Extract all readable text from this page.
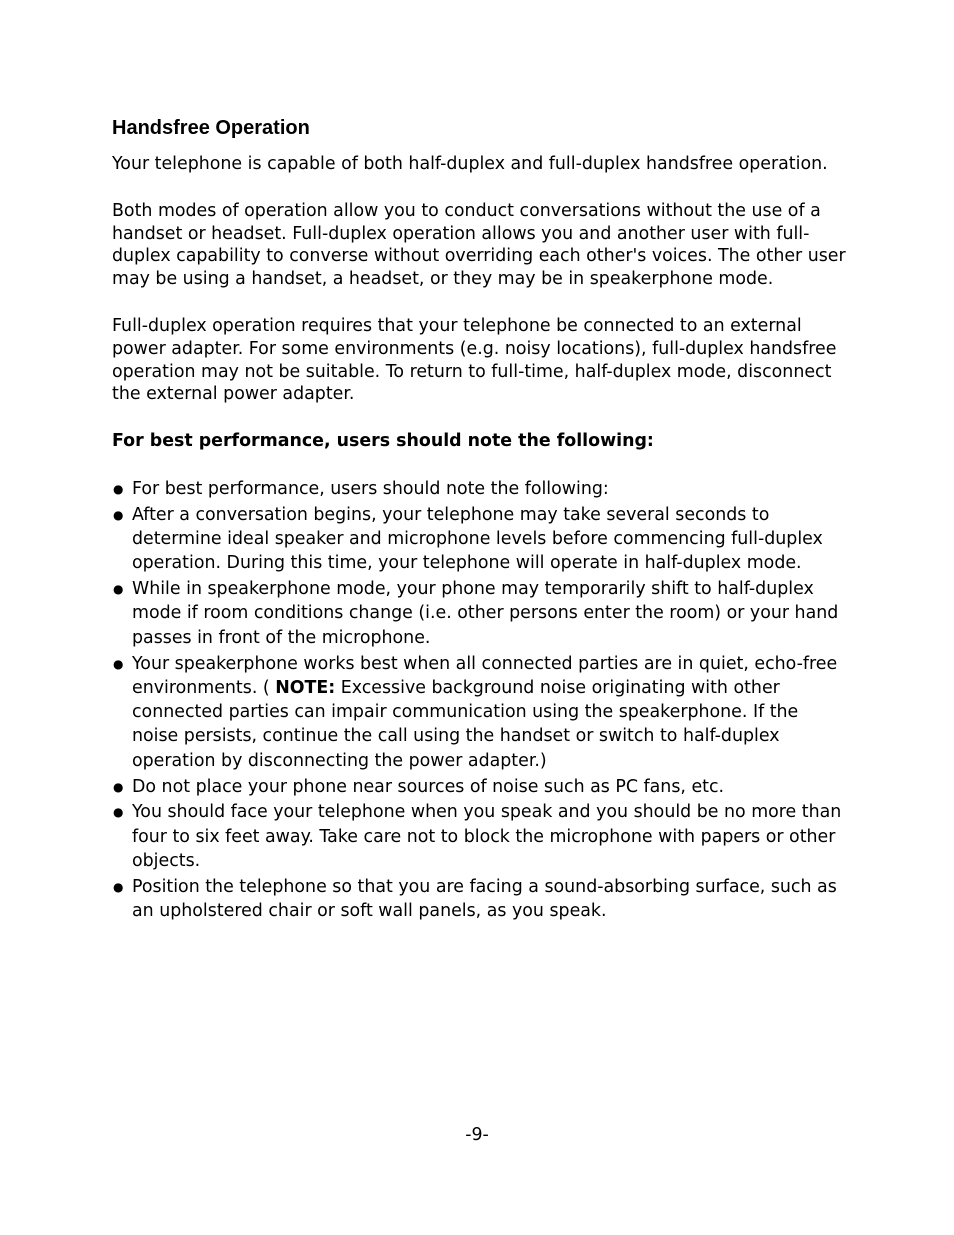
Handsfree Operation

Your telephone is capable of both half-duplex and full-duplex handsfree operation.

Both modes of operation allow you to conduct conversations without the use of a handset or headset. Full-duplex operation allows you and another user with full-duplex capability to converse without overriding each other's voices. The other user may be using a handset, a headset, or they may be in speakerphone mode.

Full-duplex operation requires that your telephone be connected to an external power adapter. For some environments (e.g. noisy locations), full-duplex handsfree operation may not be suitable. To return to full-time, half-duplex mode, disconnect the external power adapter.

For best performance, users should note the following:

● For best performance, users should note the following:
● After a conversation begins, your telephone may take several seconds to determine ideal speaker and microphone levels before commencing full-duplex operation. During this time, your telephone will operate in half-duplex mode.
● While in speakerphone mode, your phone may temporarily shift to half-duplex mode if room conditions change (i.e. other persons enter the room) or your hand passes in front of the microphone.
● Your speakerphone works best when all connected parties are in quiet, echo-free environments. ( NOTE: Excessive background noise originating with other connected parties can impair communication using the speakerphone. If the noise persists, continue the call using the handset or switch to half-duplex operation by disconnecting the power adapter.)
● Do not place your phone near sources of noise such as PC fans, etc.
● You should face your telephone when you speak and you should be no more than four to six feet away. Take care not to block the microphone with papers or other objects.
● Position the telephone so that you are facing a sound-absorbing surface, such as an upholstered chair or soft wall panels, as you speak.
-9-
